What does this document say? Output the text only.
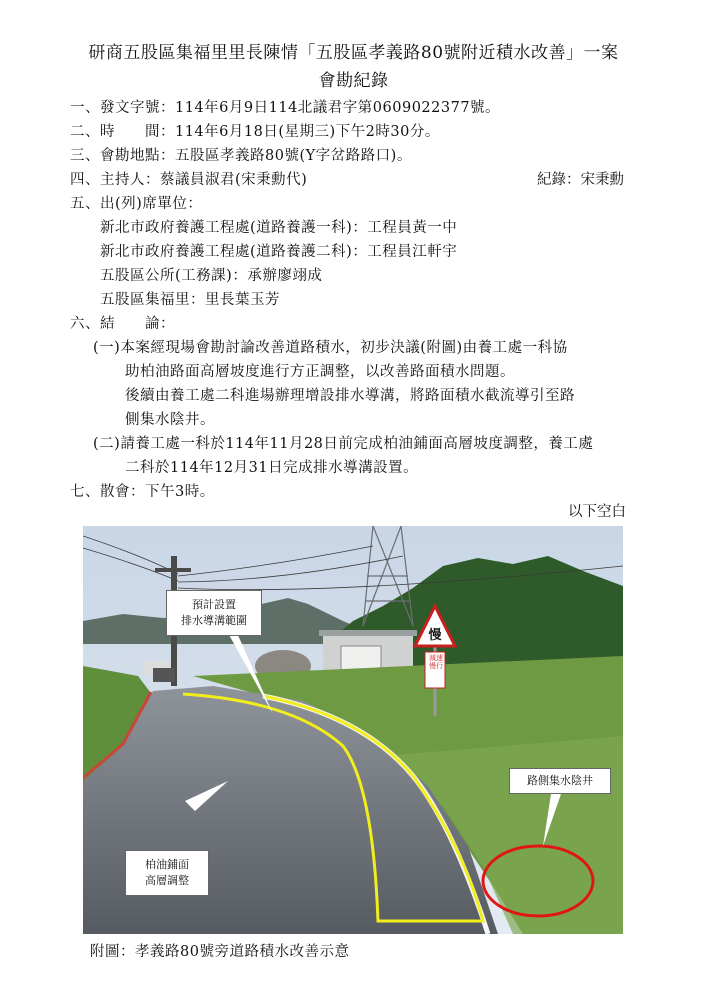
研商五股區集福里里長陳情「五股區孝義路80號附近積水改善」一案
會勘紀錄
一、發文字號：114年6月9日114北議君字第0609022377號。
二、時　　間：114年6月18日(星期三)下午2時30分。
三、會勘地點：五股區孝義路80號(Y字岔路路口)。
四、主持人：蔡議員淑君(宋秉勳代)	紀錄：宋秉勳
五、出(列)席單位：
新北市政府養護工程處(道路養護一科)：工程員黃一中
新北市政府養護工程處(道路養護二科)：工程員江軒宇
五股區公所(工務課)：承辦廖翊成
五股區集福里：里長葉玉芳
六、結　　論：
(一)本案經現場會勘討論改善道路積水，初步決議(附圖)由養工處一科協
助柏油路面高層坡度進行方正調整，以改善路面積水問題。
後續由養工處二科進場辦理增設排水導溝，將路面積水截流導引至路
側集水陰井。
(二)請養工處一科於114年11月28日前完成柏油鋪面高層坡度調整，養工處
二科於114年12月31日完成排水導溝設置。
七、散會：下午3時。
以下空白
慢
減速慢行
預計設置
排水導溝範圍
柏油鋪面
高層調整
路側集水陰井
附圖：孝義路80號旁道路積水改善示意
